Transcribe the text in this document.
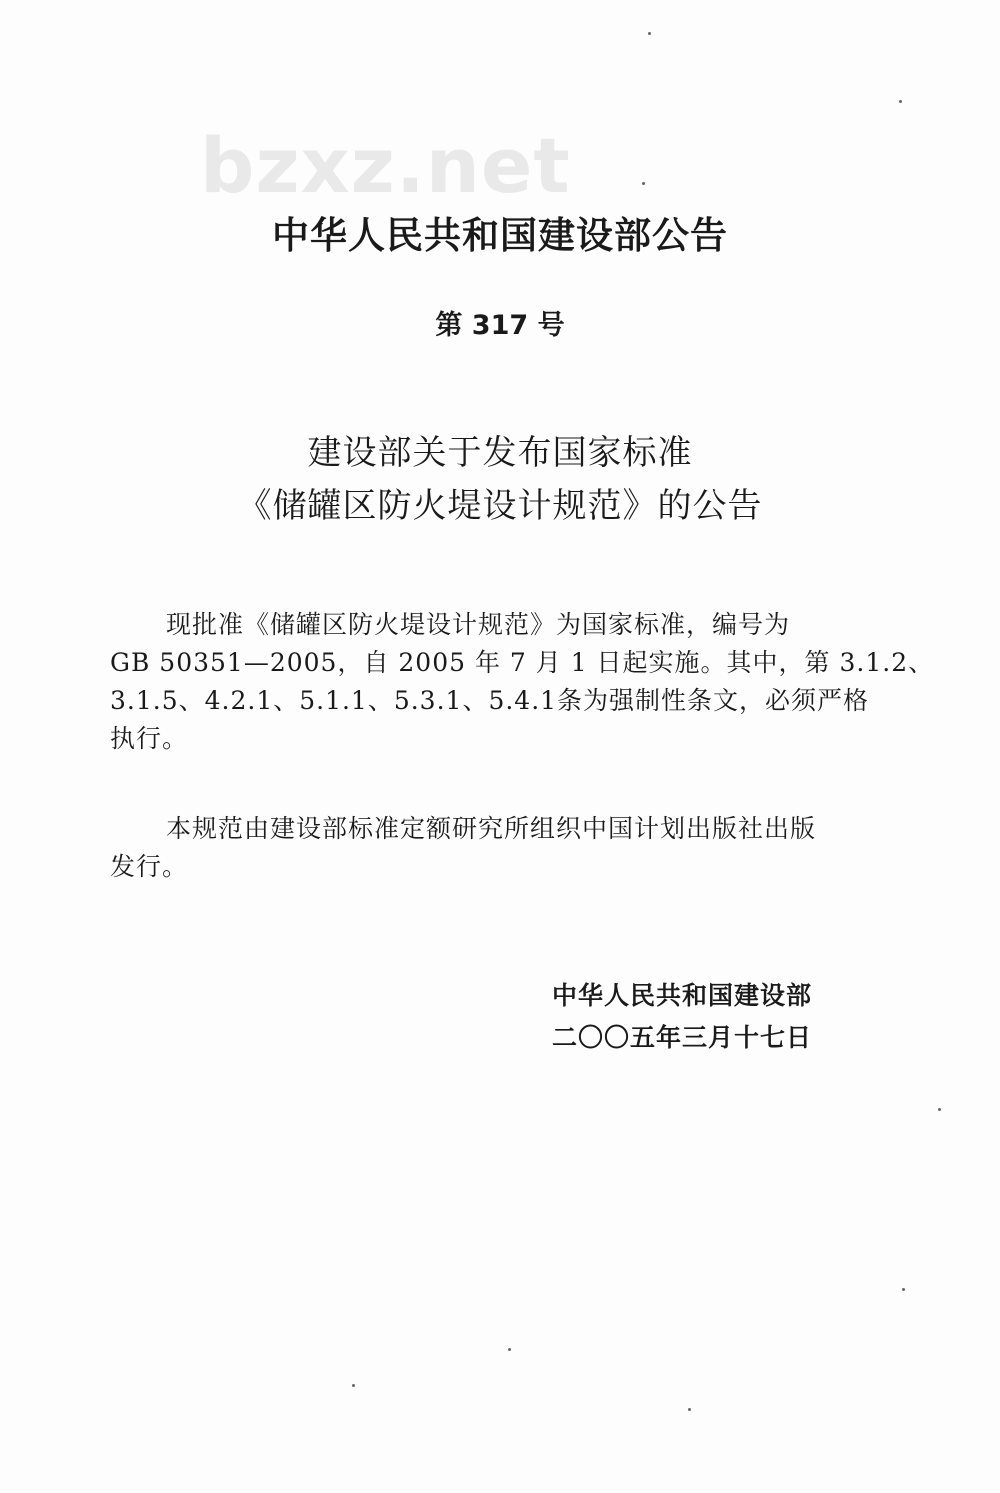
bzxz.net
中华人民共和国建设部公告
第 317 号
建设部关于发布国家标准
《储罐区防火堤设计规范》的公告
现批准《储罐区防火堤设计规范》为国家标准，编号为
GB 50351—2005，自 2005 年 7 月 1 日起实施。其中，第 3.1.2、
3.1.5、4.2.1、5.1.1、5.3.1、5.4.1条为强制性条文，必须严格
执行。
本规范由建设部标准定额研究所组织中国计划出版社出版
发行。
中华人民共和国建设部
二〇〇五年三月十七日
